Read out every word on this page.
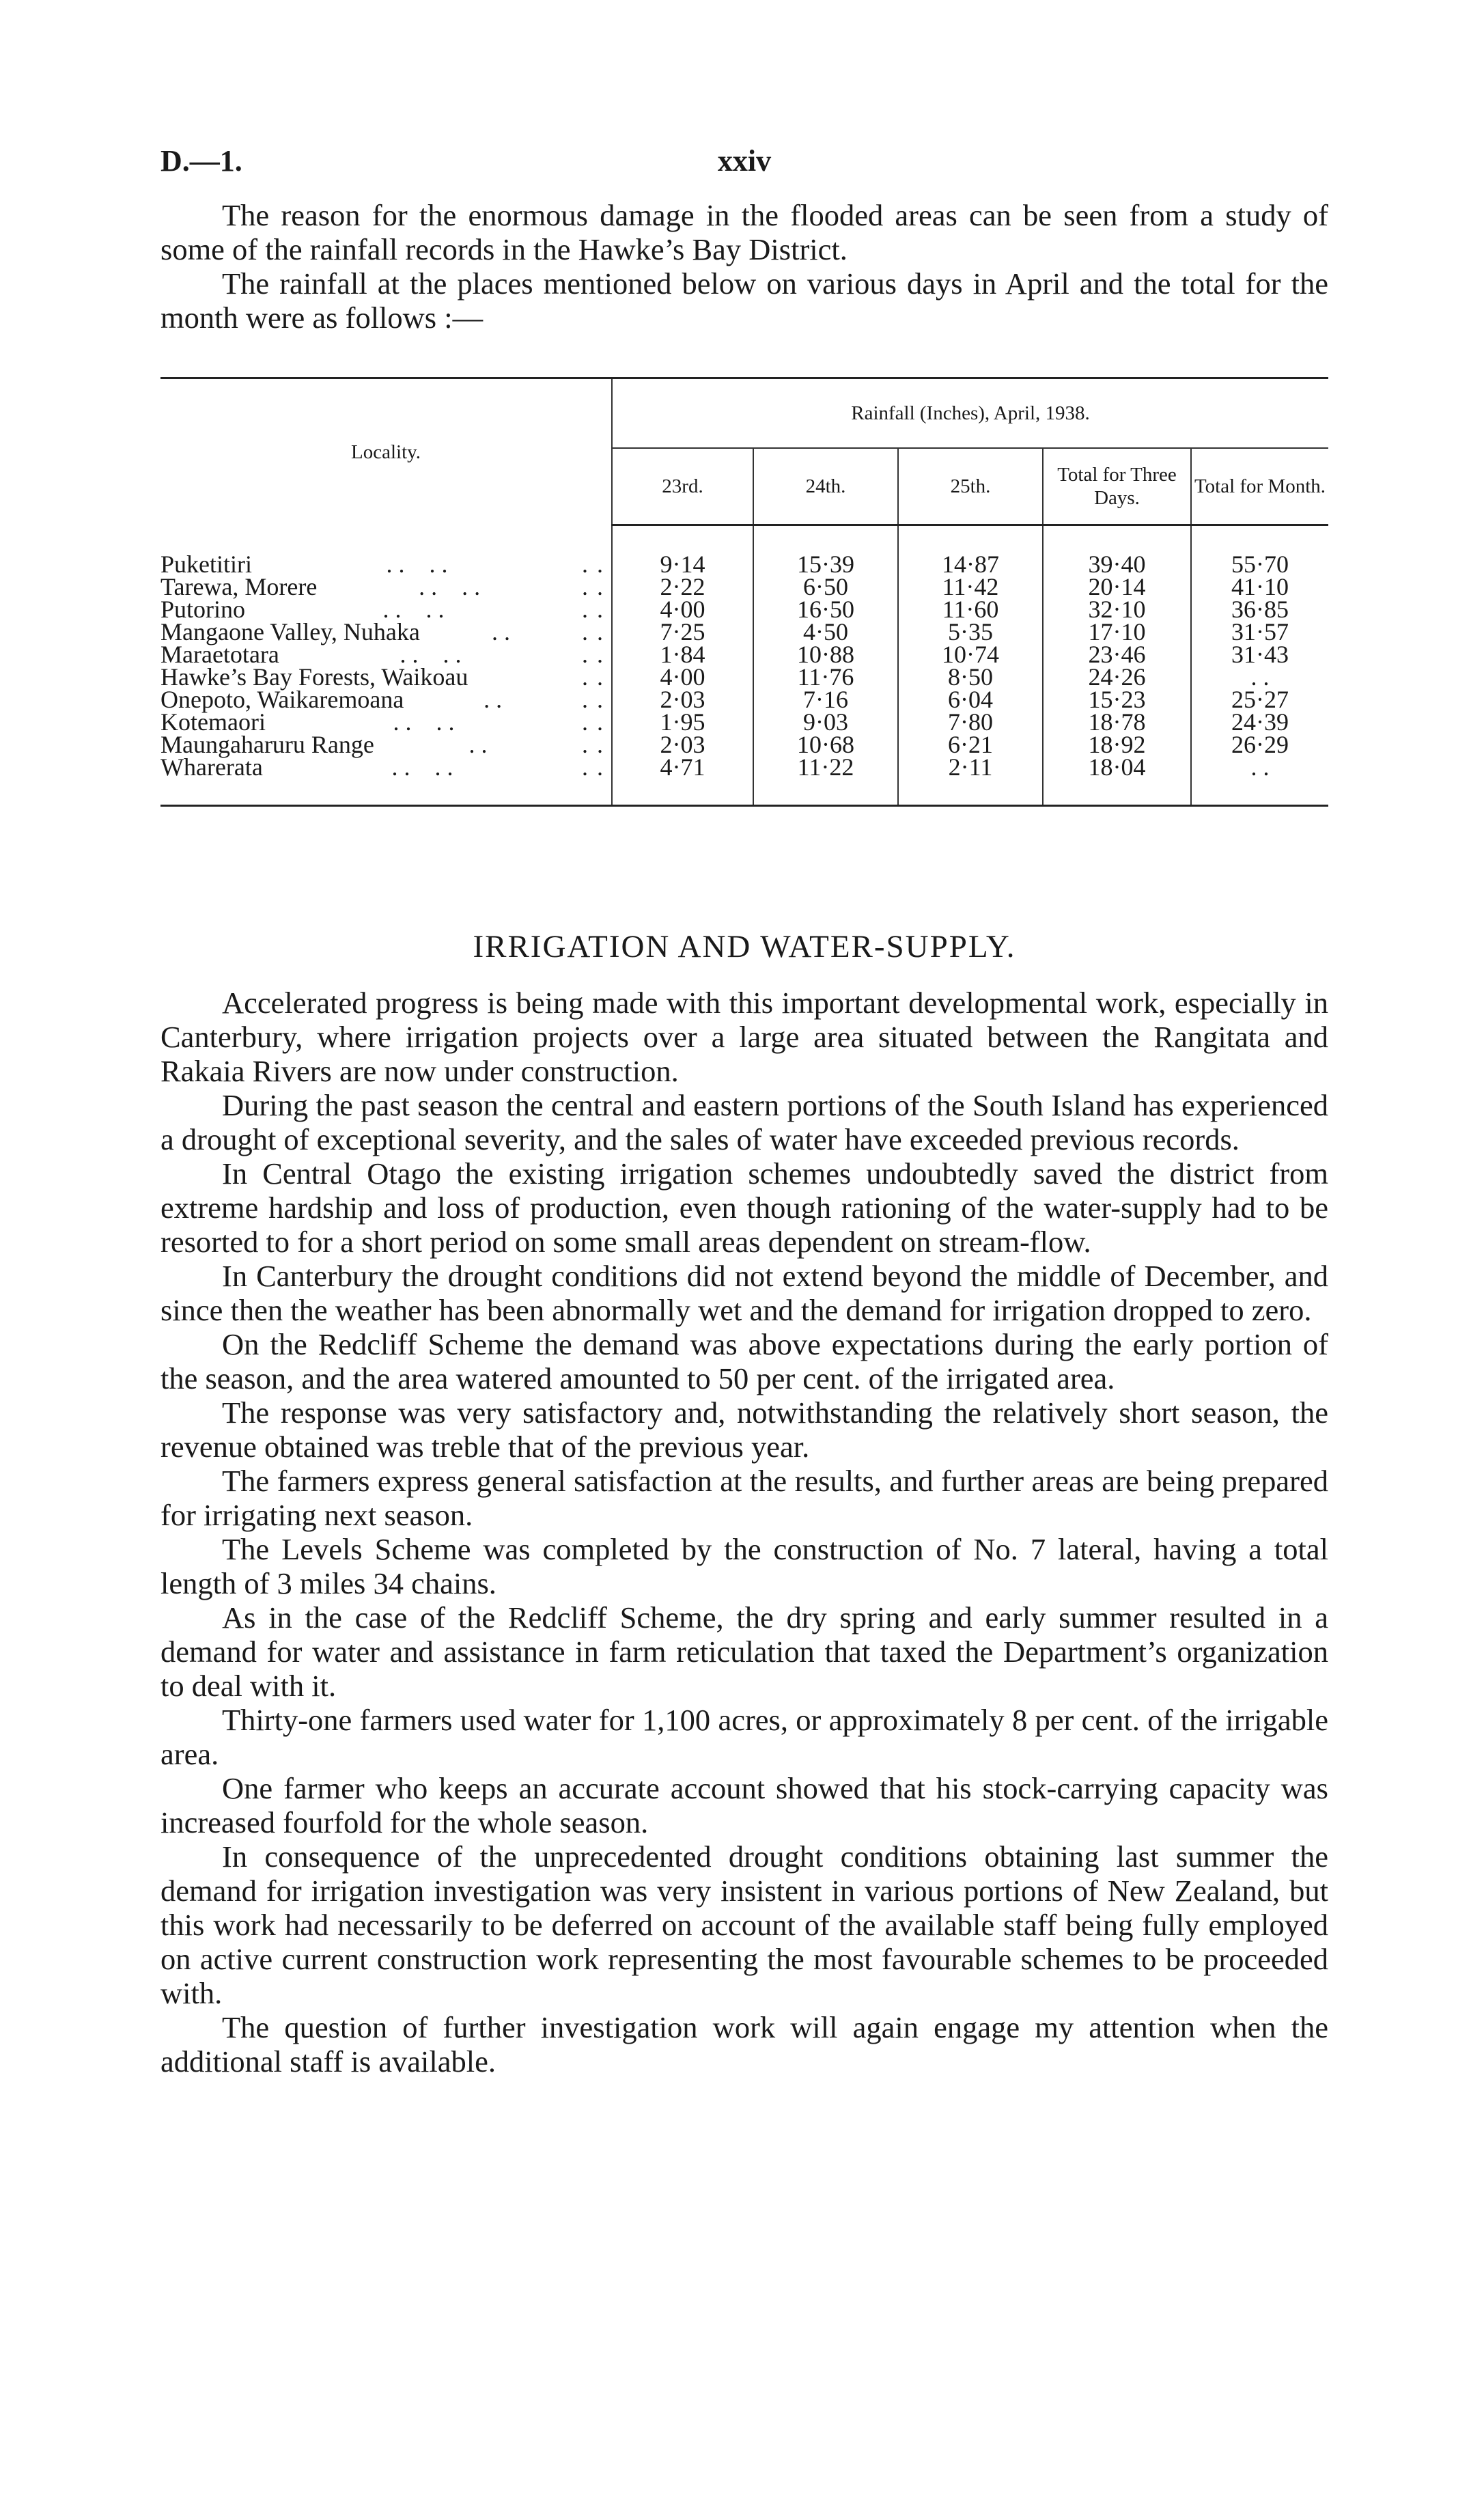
D.—1.	xxiv

The reason for the enormous damage in the flooded areas can be seen from a study of some of the rainfall records in the Hawke’s Bay District.

The rainfall at the places mentioned below on various days in April and the total for the month were as follows :—

Locality.	Rainfall (Inches), April, 1938.				
	23rd.	24th.	25th.	Total for Three Days.	Total for Month.

Puketitiri . .    . . . .	9·14	15·39	14·87	39·40	55·70

Tarewa, Morere . .    . . . .	2·22	6·50	11·42	20·14	41·10

Putorino . .    . . . .	4·00	16·50	11·60	32·10	36·85

Mangaone Valley, Nuhaka . . . .	7·25	4·50	5·35	17·10	31·57

Maraetotara . .    . . . .	1·84	10·88	10·74	23·46	31·43

Hawke’s Bay Forests, Waikoau . .	4·00	11·76	8·50	24·26	. .

Onepoto, Waikaremoana . . . .	2·03	7·16	6·04	15·23	25·27

Kotemaori . .    . . . .	1·95	9·03	7·80	18·78	24·39

Maungaharuru Range . . . .	2·03	10·68	6·21	18·92	26·29

Wharerata . .    . . . .	4·71	11·22	2·11	18·04	. .
IRRIGATION AND WATER-SUPPLY.

Accelerated progress is being made with this important developmental work, especially in Canterbury, where irrigation projects over a large area situated between the Rangitata and Rakaia Rivers are now under construction.

During the past season the central and eastern portions of the South Island has experienced a drought of exceptional severity, and the sales of water have exceeded previous records.

In Central Otago the existing irrigation schemes undoubtedly saved the district from extreme hardship and loss of production, even though rationing of the water-supply had to be resorted to for a short period on some small areas dependent on stream-flow.

In Canterbury the drought conditions did not extend beyond the middle of December, and since then the weather has been abnormally wet and the demand for irrigation dropped to zero.

On the Redcliff Scheme the demand was above expectations during the early portion of the season, and the area watered amounted to 50 per cent. of the irrigated area.

The response was very satisfactory and, notwithstanding the relatively short season, the revenue obtained was treble that of the previous year.

The farmers express general satisfaction at the results, and further areas are being prepared for irrigating next season.

The Levels Scheme was completed by the construction of No. 7 lateral, having a total length of 3 miles 34 chains.

As in the case of the Redcliff Scheme, the dry spring and early summer resulted in a demand for water and assistance in farm reticulation that taxed the Department’s organization to deal with it.

Thirty-one farmers used water for 1,100 acres, or approximately 8 per cent. of the irrigable area.

One farmer who keeps an accurate account showed that his stock-carrying capacity was increased fourfold for the whole season.

In consequence of the unprecedented drought conditions obtaining last summer the demand for irrigation investigation was very insistent in various portions of New Zealand, but this work had necessarily to be deferred on account of the available staff being fully employed on active current construction work representing the most favourable schemes to be proceeded with.

The question of further investigation work will again engage my attention when the additional staff is available.
